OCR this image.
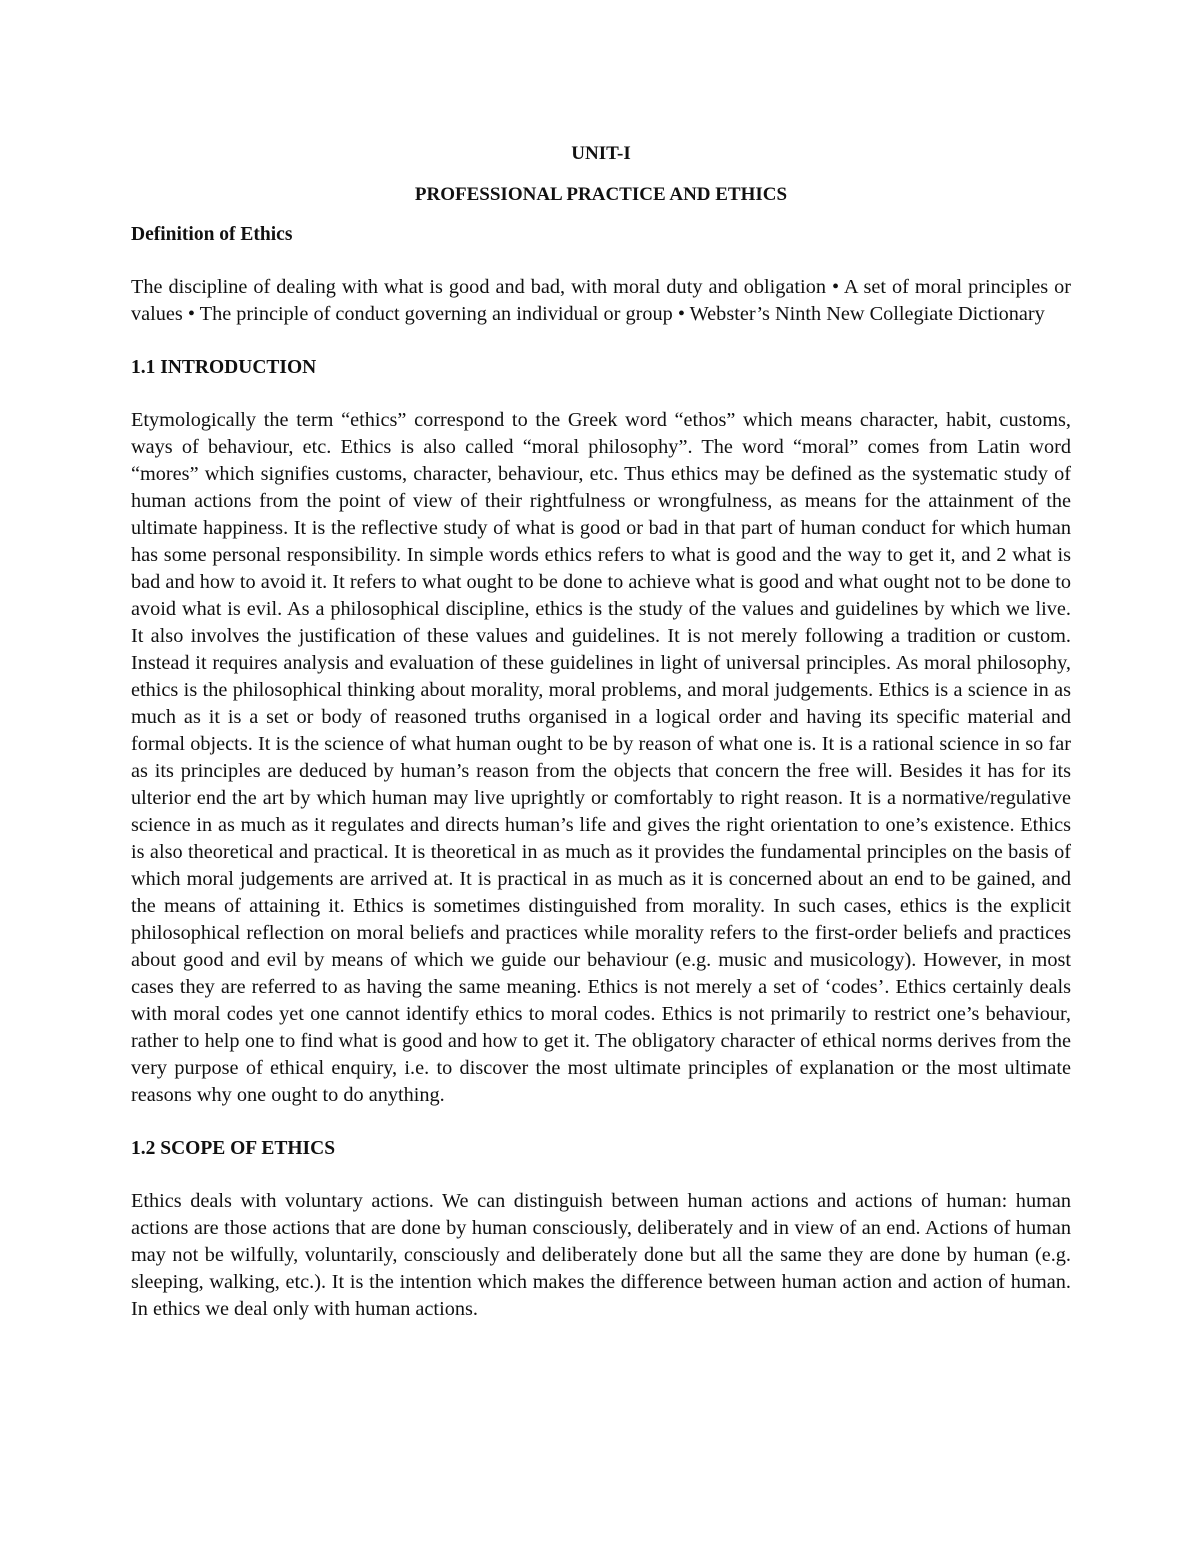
UNIT-I
PROFESSIONAL PRACTICE AND ETHICS
Definition of Ethics

The discipline of dealing with what is good and bad, with moral duty and obligation • A set of moral principles or values • The principle of conduct governing an individual or group • Webster’s Ninth New Collegiate Dictionary

1.1 INTRODUCTION

Etymologically the term “ethics” correspond to the Greek word “ethos” which means character, habit, customs, ways of behaviour, etc. Ethics is also called “moral philosophy”. The word “moral” comes from Latin word “mores” which signifies customs, character, behaviour, etc. Thus ethics may be defined as the systematic study of human actions from the point of view of their rightfulness or wrongfulness, as means for the attainment of the ultimate happiness. It is the reflective study of what is good or bad in that part of human conduct for which human has some personal responsibility. In simple words ethics refers to what is good and the way to get it, and 2 what is bad and how to avoid it. It refers to what ought to be done to achieve what is good and what ought not to be done to avoid what is evil. As a philosophical discipline, ethics is the study of the values and guidelines by which we live. It also involves the justification of these values and guidelines. It is not merely following a tradition or custom. Instead it requires analysis and evaluation of these guidelines in light of universal principles. As moral philosophy, ethics is the philosophical thinking about morality, moral problems, and moral judgements. Ethics is a science in as much as it is a set or body of reasoned truths organised in a logical order and having its specific material and formal objects. It is the science of what human ought to be by reason of what one is. It is a rational science in so far as its principles are deduced by human’s reason from the objects that concern the free will. Besides it has for its ulterior end the art by which human may live uprightly or comfortably to right reason. It is a normative/regulative science in as much as it regulates and directs human’s life and gives the right orientation to one’s existence. Ethics is also theoretical and practical. It is theoretical in as much as it provides the fundamental principles on the basis of which moral judgements are arrived at. It is practical in as much as it is concerned about an end to be gained, and the means of attaining it. Ethics is sometimes distinguished from morality. In such cases, ethics is the explicit philosophical reflection on moral beliefs and practices while morality refers to the first-order beliefs and practices about good and evil by means of which we guide our behaviour (e.g. music and musicology). However, in most cases they are referred to as having the same meaning. Ethics is not merely a set of ‘codes’. Ethics certainly deals with moral codes yet one cannot identify ethics to moral codes. Ethics is not primarily to restrict one’s behaviour, rather to help one to find what is good and how to get it. The obligatory character of ethical norms derives from the very purpose of ethical enquiry, i.e. to discover the most ultimate principles of explanation or the most ultimate reasons why one ought to do anything.

1.2 SCOPE OF ETHICS

Ethics deals with voluntary actions. We can distinguish between human actions and actions of human: human actions are those actions that are done by human consciously, deliberately and in view of an end. Actions of human may not be wilfully, voluntarily, consciously and deliberately done but all the same they are done by human (e.g. sleeping, walking, etc.). It is the intention which makes the difference between human action and action of human. In ethics we deal only with human actions.
